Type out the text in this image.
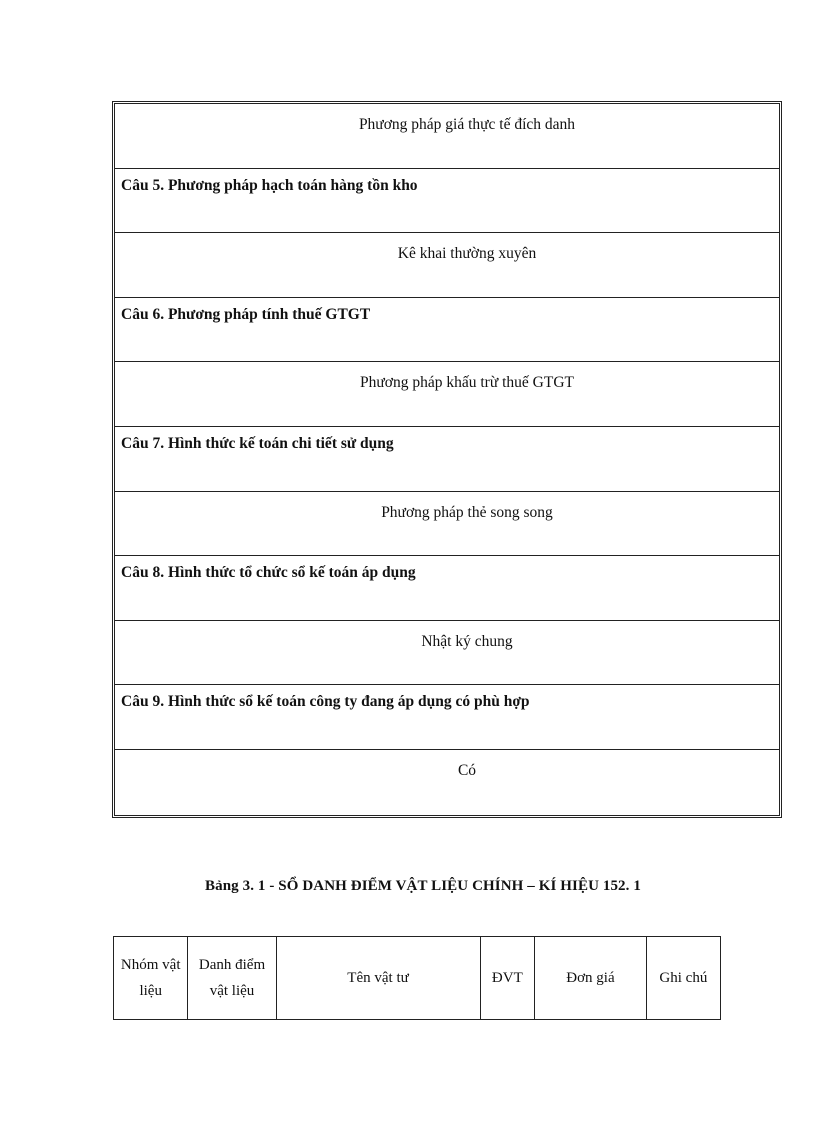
Phương pháp giá thực tế đích danh
Câu 5. Phương pháp hạch toán hàng tồn kho
Kê khai thường xuyên
Câu 6. Phương pháp tính thuế GTGT
Phương pháp khấu trừ thuế GTGT
Câu 7. Hình thức kế toán chi tiết sử dụng
Phương pháp thẻ song song
Câu 8. Hình thức tổ chức sổ kế toán áp dụng
Nhật ký chung
Câu 9. Hình thức sổ kế toán công ty đang áp dụng có phù hợp
Có
Bảng 3. 1 - SỔ DANH ĐIỂM VẬT LIỆU CHÍNH – KÍ HIỆU 152. 1
Nhóm vật liệu	Danh điểm vật liệu	Tên vật tư	ĐVT	Đơn giá	Ghi chú
